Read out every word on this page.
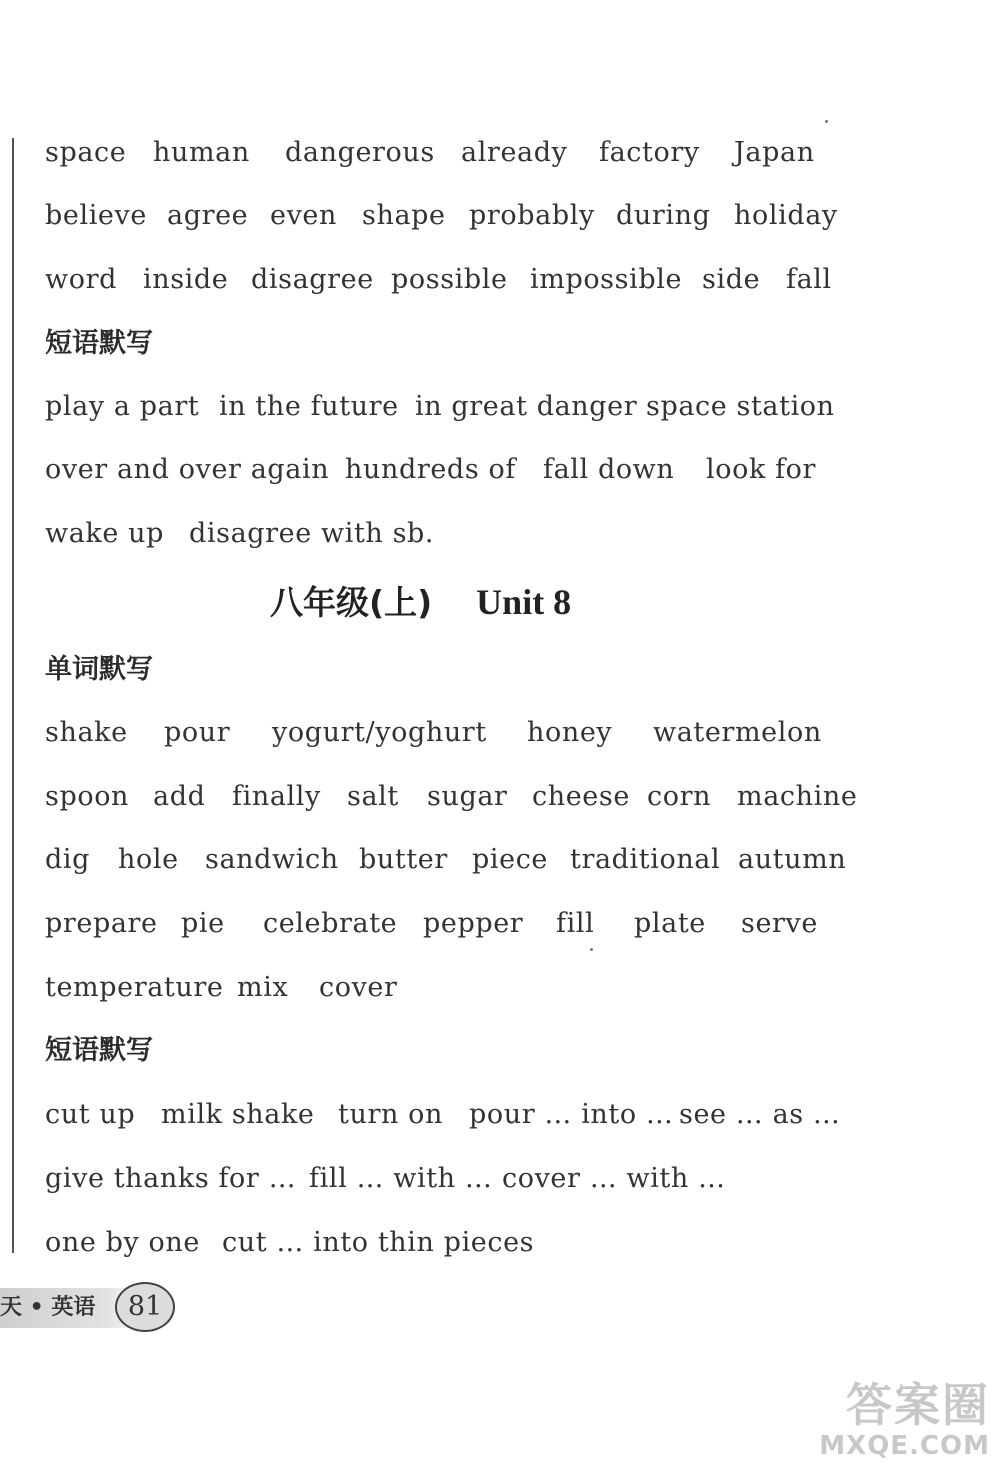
space human dangerous already factory Japan
believe agree even shape probably during holiday
word inside disagree possible impossible side fall
短语默写
play a part in the future in great danger space station
over and over again hundreds of fall down look for
wake up disagree with sb.
八年级(上) Unit 8
单词默写
shake pour yogurt/yoghurt honey watermelon
spoon add finally salt sugar cheese corn machine
dig hole sandwich butter piece traditional autumn
prepare pie celebrate pepper fill plate serve
temperature mix cover
短语默写
cut up milk shake turn on pour … into … see … as …
give thanks for … fill … with … cover … with …
one by one cut … into thin pieces
天 • 英语	81
答案圈
MXQE.COM
